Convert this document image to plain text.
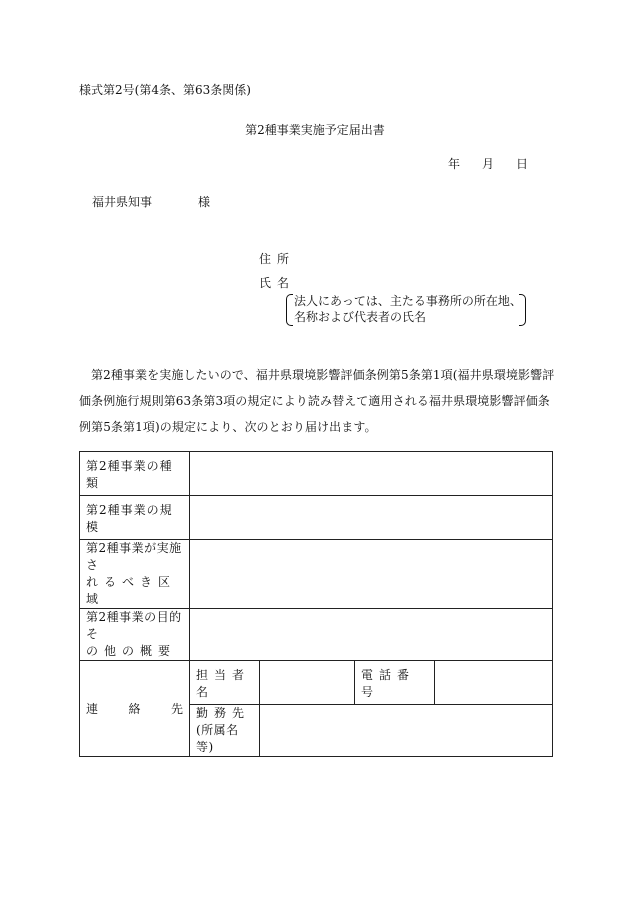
様式第2号(第4条、第63条関係)
第2種事業実施予定届出書
年 月 日
福井県知事	様
住 所
氏 名
法人にあっては、主たる事務所の所在地、
名称および代表者の氏名
第2種事業を実施したいので、福井県環境影響評価条例第5条第1項(福井県環境影響評価条例施行規則第63条第3項の規定により読み替えて適用される福井県環境影響評価条例第5条第1項)の規定により、次のとおり届け出ます。
第2種事業の種類				
第2種事業の規模				

第2種事業が実施さ
れるべき区域				

第2種事業の目的そ
の他の概要				

連 絡 先	担当者名		電話番号	

	勤務先
(所属名等)			
